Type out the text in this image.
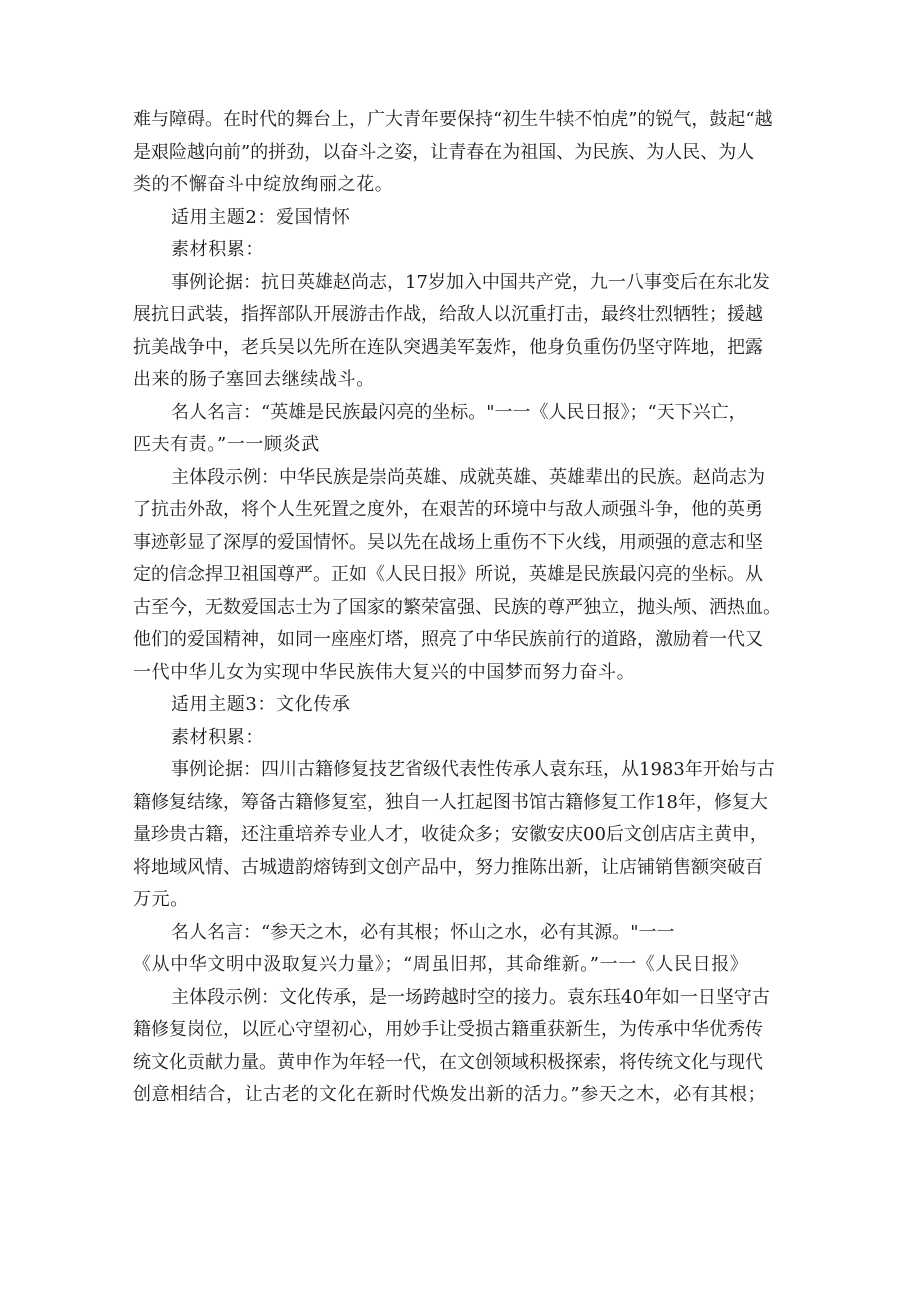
难与障碍。在时代的舞台上，广大青年要保持“初生牛犊不怕虎”的锐气，鼓起“越
是艰险越向前”的拼劲，以奋斗之姿，让青春在为祖国、为民族、为人民、为人
类的不懈奋斗中绽放绚丽之花。
适用主题2：爱国情怀
素材积累：
事例论据：抗日英雄赵尚志，17岁加入中国共产党，九一八事变后在东北发
展抗日武装，指挥部队开展游击作战，给敌人以沉重打击，最终壮烈牺牲；援越
抗美战争中，老兵吴以先所在连队突遇美军轰炸，他身负重伤仍坚守阵地，把露
出来的肠子塞回去继续战斗。
名人名言：“英雄是民族最闪亮的坐标。"一一《人民日报》；“天下兴亡，
匹夫有责。”一一顾炎武
主体段示例：中华民族是崇尚英雄、成就英雄、英雄辈出的民族。赵尚志为
了抗击外敌，将个人生死置之度外，在艰苦的环境中与敌人顽强斗争，他的英勇
事迹彰显了深厚的爱国情怀。吴以先在战场上重伤不下火线，用顽强的意志和坚
定的信念捍卫祖国尊严。正如《人民日报》所说，英雄是民族最闪亮的坐标。从
古至今，无数爱国志士为了国家的繁荣富强、民族的尊严独立，抛头颅、洒热血。
他们的爱国精神，如同一座座灯塔，照亮了中华民族前行的道路，激励着一代又
一代中华儿女为实现中华民族伟大复兴的中国梦而努力奋斗。
适用主题3：文化传承
素材积累：
事例论据：四川古籍修复技艺省级代表性传承人袁东珏，从1983年开始与古
籍修复结缘，筹备古籍修复室，独自一人扛起图书馆古籍修复工作18年，修复大
量珍贵古籍，还注重培养专业人才，收徒众多；安徽安庆00后文创店店主黄申，
将地域风情、古城遗韵熔铸到文创产品中，努力推陈出新，让店铺销售额突破百
万元。
名人名言：“参天之木，必有其根；怀山之水，必有其源。"一一
《从中华文明中汲取复兴力量》；“周虽旧邦，其命维新。”一一《人民日报》
主体段示例：文化传承，是一场跨越时空的接力。袁东珏40年如一日坚守古
籍修复岗位，以匠心守望初心，用妙手让受损古籍重获新生，为传承中华优秀传
统文化贡献力量。黄申作为年轻一代，在文创领域积极探索，将传统文化与现代
创意相结合，让古老的文化在新时代焕发出新的活力。”参天之木，必有其根；
